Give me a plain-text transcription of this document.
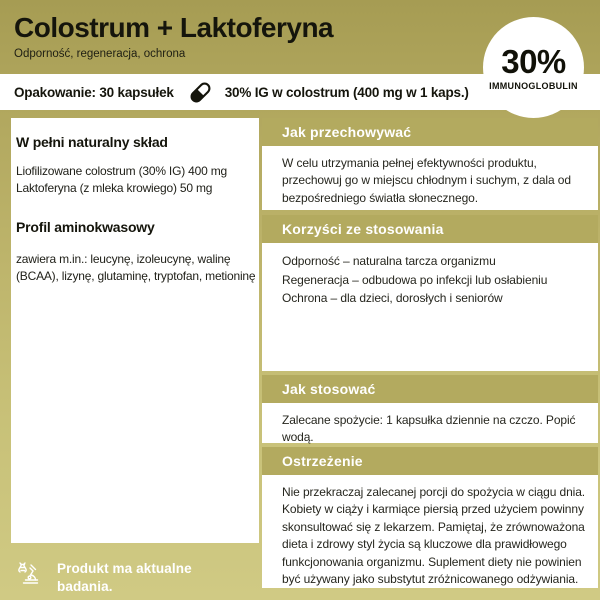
Colostrum + Laktoferyna
Odporność, regeneracja, ochrona	30%
IMMUNOGLOBULIN
Opakowanie: 30 kapsułek	30% IG w colostrum (400 mg w 1 kaps.)
W pełni naturalny skład
Liofilizowane colostrum (30% IG) 400 mg
Laktoferyna (z mleka krowiego) 50 mg
Profil aminokwasowy
zawiera m.in.: leucynę, izoleucynę, walinę (BCAA), lizynę, glutaminę, tryptofan, metioninę
Jak przechowywać
W celu utrzymania pełnej efektywności produktu, przechowuj go w miejscu chłodnym i suchym, z dala od bezpośredniego światła słonecznego.
Korzyści ze stosowania
Odporność – naturalna tarcza organizmu
Regeneracja – odbudowa po infekcji lub osłabieniu
Ochrona – dla dzieci, dorosłych i seniorów
Jak stosować
Zalecane spożycie: 1 kapsułka dziennie na czczo. Popić wodą.
Ostrzeżenie
Nie przekraczaj zalecanej porcji do spożycia w ciągu dnia. Kobiety w ciąży i karmiące piersią przed użyciem powinny skonsultować się z lekarzem. Pamiętaj, że zrównoważona dieta i zdrowy styl życia są kluczowe dla prawidłowego funkcjonowania organizmu. Suplement diety nie powinien być używany jako substytut zróżnicowanego odżywiania.
Produkt ma aktualne badania.
